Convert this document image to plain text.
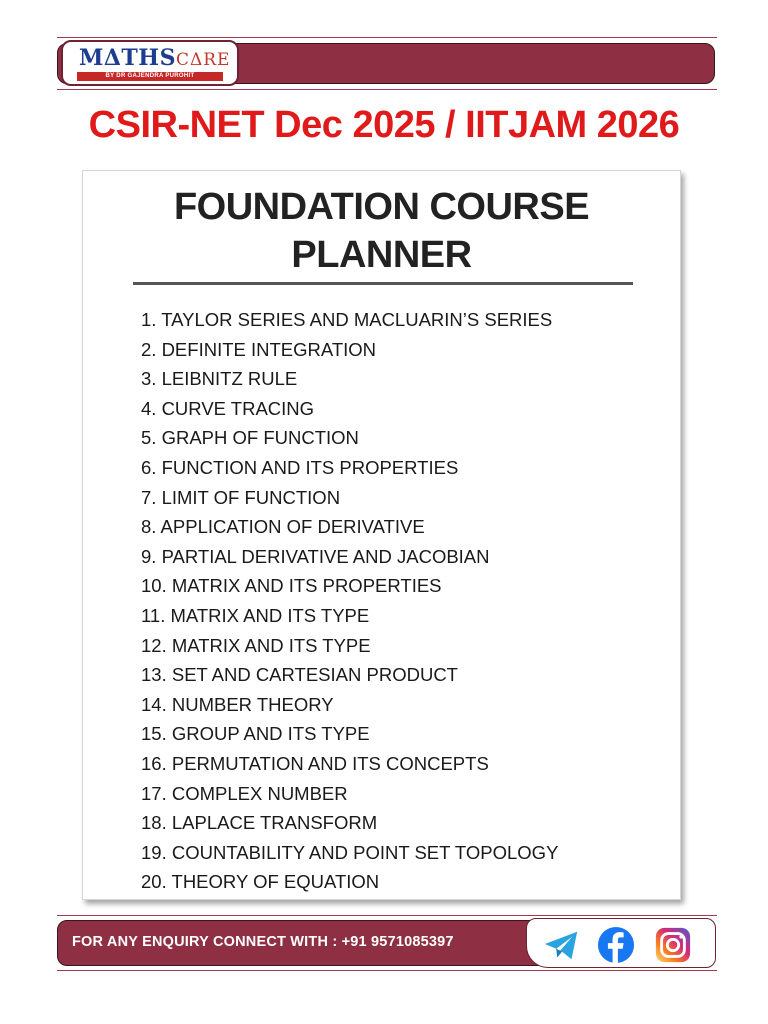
MΔTHSCΔRE
BY DR GAJENDRA PUROHIT
CSIR-NET Dec 2025 / IITJAM 2026
FOUNDATION COURSE
PLANNER
1. TAYLOR SERIES AND MACLUARIN’S SERIES
2. DEFINITE INTEGRATION
3. LEIBNITZ RULE
4. CURVE TRACING
5. GRAPH OF FUNCTION
6. FUNCTION AND ITS PROPERTIES
7. LIMIT OF FUNCTION
8. APPLICATION OF DERIVATIVE
9. PARTIAL DERIVATIVE AND JACOBIAN
10. MATRIX AND ITS PROPERTIES
11. MATRIX AND ITS TYPE
12. MATRIX AND ITS TYPE
13. SET AND CARTESIAN PRODUCT
14. NUMBER THEORY
15. GROUP AND ITS TYPE
16. PERMUTATION AND ITS CONCEPTS
17. COMPLEX NUMBER
18. LAPLACE TRANSFORM
19. COUNTABILITY AND POINT SET TOPOLOGY
20. THEORY OF EQUATION
FOR ANY ENQUIRY CONNECT WITH : +91 9571085397
